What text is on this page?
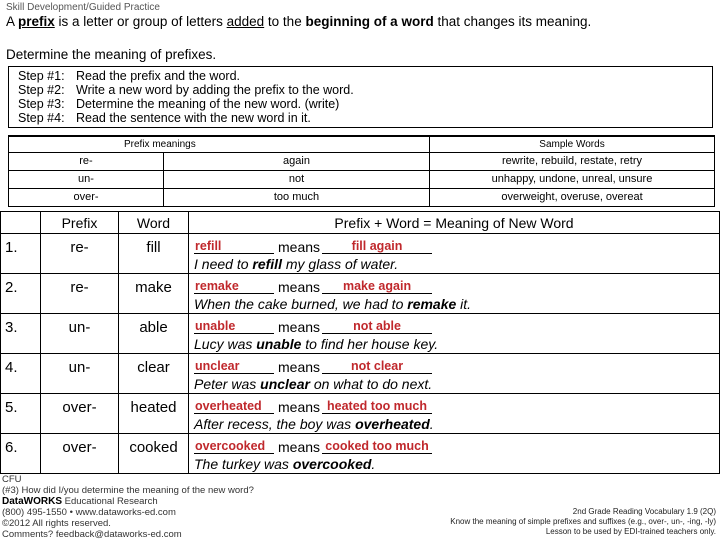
Skill Development/Guided Practice
A prefix is a letter or group of letters added to the beginning of a word that changes its meaning.
Determine the meaning of prefixes.
Step #1: Read the prefix and the word.
Step #2: Write a new word by adding the prefix to the word.
Step #3: Determine the meaning of the new word. (write)
Step #4: Read the sentence with the new word in it.
Prefix meanings		Sample Words
re-	again	rewrite, rebuild, restate, retry
un-	not	unhappy, undone, unreal, unsure
over-	too much	overweight, overuse, overeat
	Prefix	Word	Prefix + Word = Meaning of New Word
1.	re-	fill	refill means fill again
I need to refill my glass of water.

2.	re-	make	remake means make again
When the cake burned, we had to remake it.

3.	un-	able	unable means not able
Lucy was unable to find her house key.

4.	un-	clear	unclear means not clear
Peter was unclear on what to do next.

5.	over-	heated	overheated means heated too much
After recess, the boy was overheated.

6.	over-	cooked	overcooked means cooked too much
The turkey was overcooked.
CFU
(#3) How did I/you determine the meaning of the new word?
DataWORKS Educational Research
(800) 495-1550 • www.dataworks-ed.com
©2012 All rights reserved.
Comments? feedback@dataworks-ed.com
2nd Grade Reading Vocabulary 1.9 (2Q)
Know the meaning of simple prefixes and suffixes (e.g., over-, un-, -ing, -ly)
Lesson to be used by EDI-trained teachers only.
